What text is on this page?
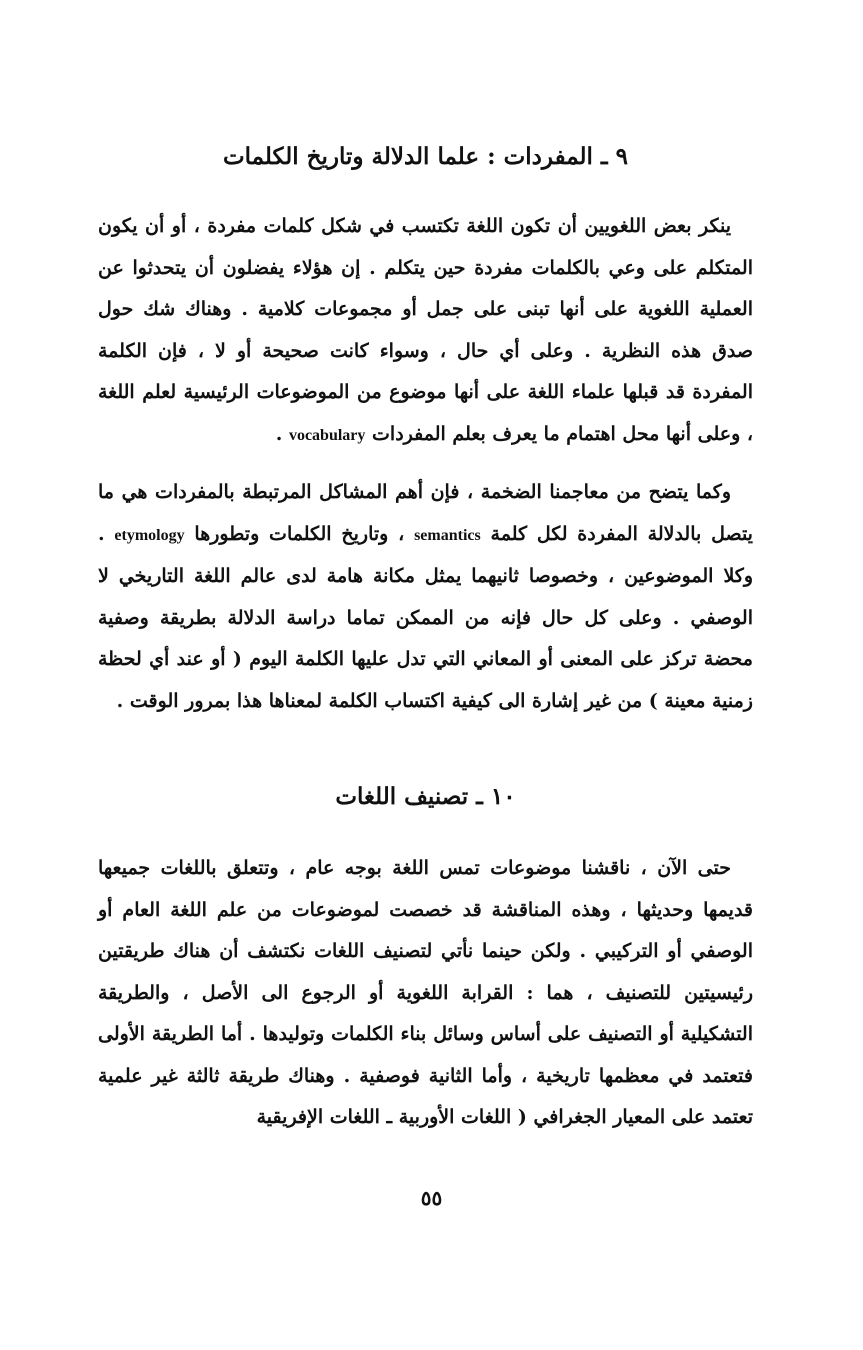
٩ ـ المفردات : علما الدلالة وتاريخ الكلمات

ينكر بعض اللغويين أن تكون اللغة تكتسب في شكل كلمات مفردة ، أو أن يكون المتكلم على وعي بالكلمات مفردة حين يتكلم . إن هؤلاء يفضلون أن يتحدثوا عن العملية اللغوية على أنها تبنى على جمل أو مجموعات كلامية . وهناك شك حول صدق هذه النظرية . وعلى أي حال ، وسواء كانت صحيحة أو لا ، فإن الكلمة المفردة قد قبلها علماء اللغة على أنها موضوع من الموضوعات الرئيسية لعلم اللغة ، وعلى أنها محل اهتمام ما يعرف بعلم المفردات vocabulary .

وكما يتضح من معاجمنا الضخمة ، فإن أهم المشاكل المرتبطة بالمفردات هي ما يتصل بالدلالة المفردة لكل كلمة semantics ، وتاريخ الكلمات وتطورها etymology . وكلا الموضوعين ، وخصوصا ثانيهما يمثل مكانة هامة لدى عالم اللغة التاريخي لا الوصفي . وعلى كل حال فإنه من الممكن تماما دراسة الدلالة بطريقة وصفية محضة تركز على المعنى أو المعاني التي تدل عليها الكلمة اليوم ( أو عند أي لحظة زمنية معينة ) من غير إشارة الى كيفية اكتساب الكلمة لمعناها هذا بمرور الوقت .

١٠ ـ تصنيف اللغات

حتى الآن ، ناقشنا موضوعات تمس اللغة بوجه عام ، وتتعلق باللغات جميعها قديمها وحديثها ، وهذه المناقشة قد خصصت لموضوعات من علم اللغة العام أو الوصفي أو التركيبي . ولكن حينما نأتي لتصنيف اللغات نكتشف أن هناك طريقتين رئيسيتين للتصنيف ، هما : القرابة اللغوية أو الرجوع الى الأصل ، والطريقة التشكيلية أو التصنيف على أساس وسائل بناء الكلمات وتوليدها . أما الطريقة الأولى فتعتمد في معظمها تاريخية ، وأما الثانية فوصفية . وهناك طريقة ثالثة غير علمية تعتمد على المعيار الجغرافي ( اللغات الأوربية ـ اللغات الإفريقية

٥٥
